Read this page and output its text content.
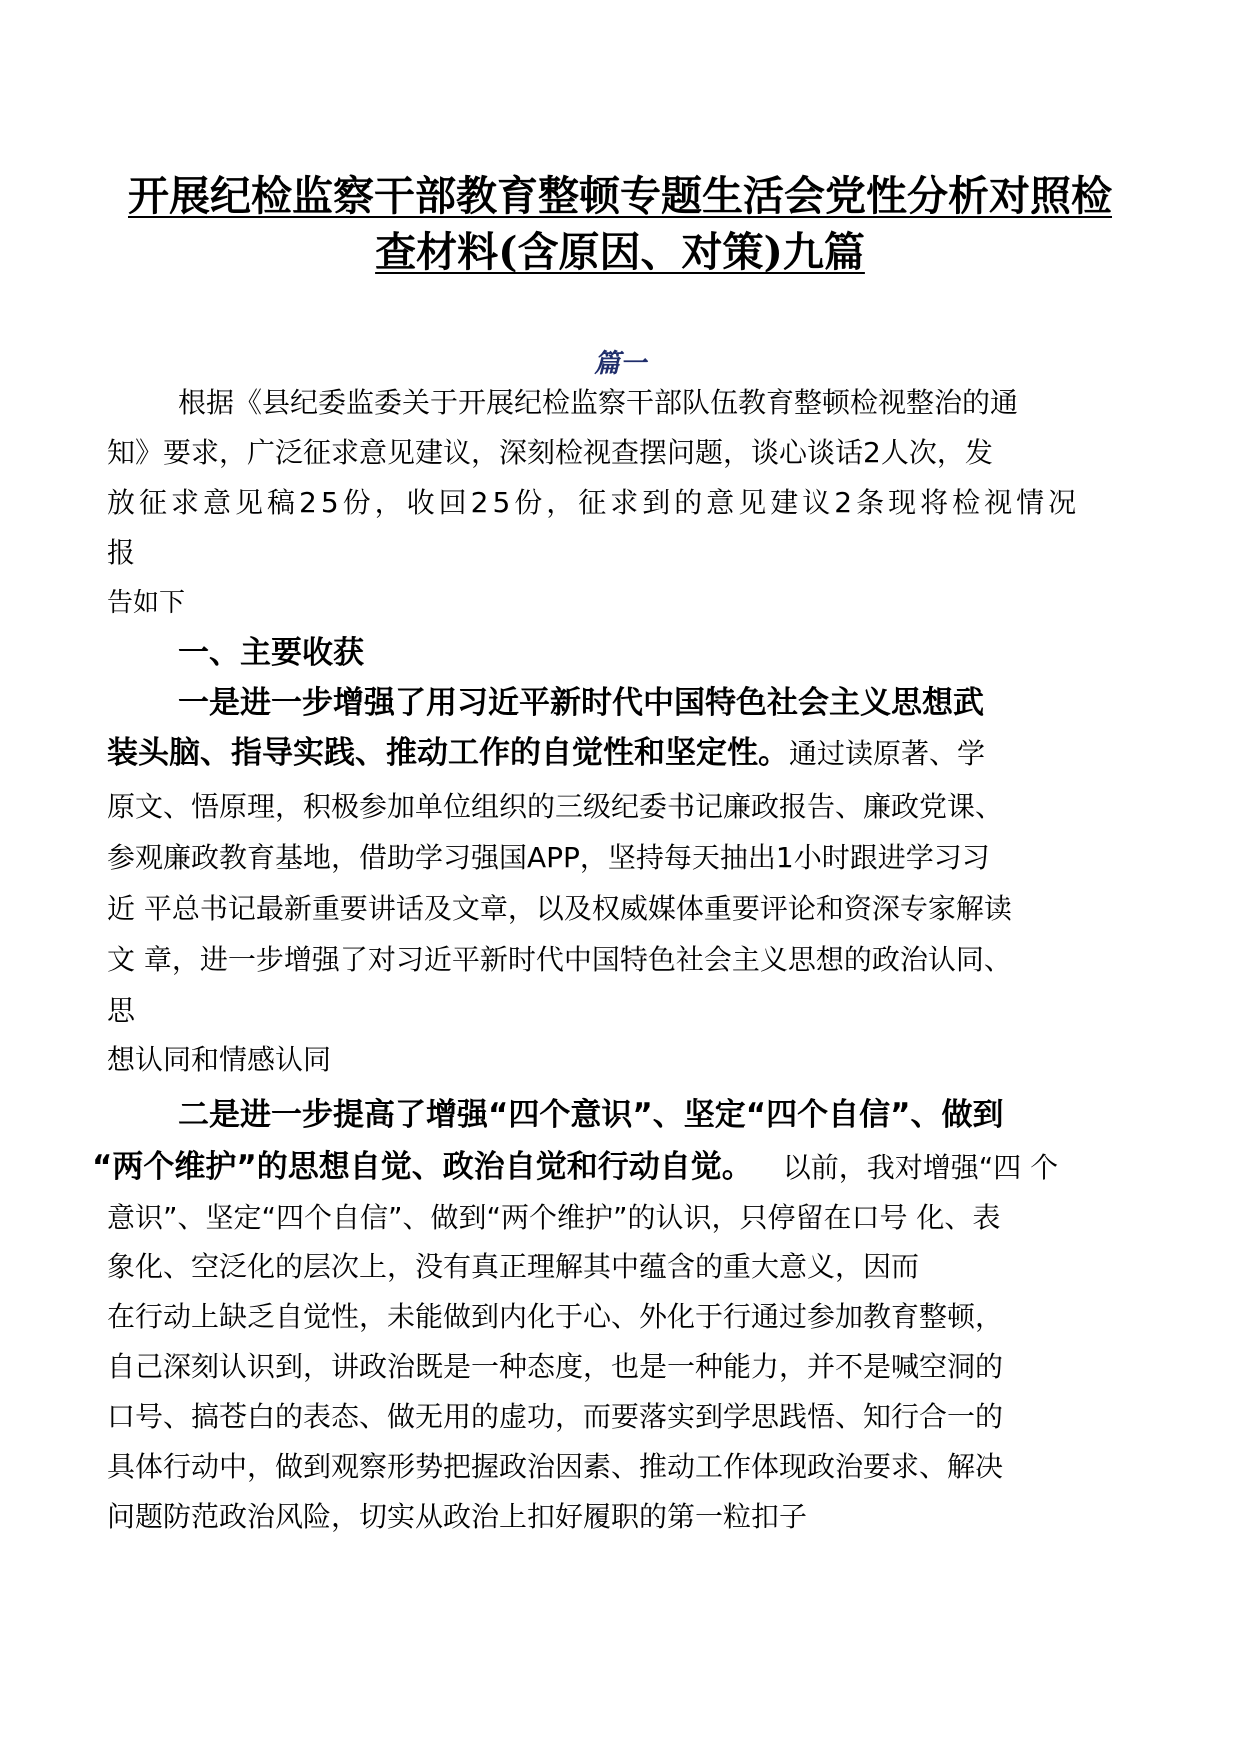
开展纪检监察干部教育整顿专题生活会党性分析对照检
查材料(含原因、对策)九篇
篇一
根据《县纪委监委关于开展纪检监察干部队伍教育整顿检视整治的通
知》要求，广泛征求意见建议，深刻检视查摆问题，谈心谈话2人次，发
放征求意见稿25份，收回25份，征求到的意见建议2条现将检视情况
报
告如下
一、主要收获
一是进一步增强了用习近平新时代中国特色社会主义思想武
装头脑、指导实践、推动工作的自觉性和坚定性。通过读原著、学
原文、悟原理，积极参加单位组织的三级纪委书记廉政报告、廉政党课、
参观廉政教育基地，借助学习强国APP，坚持每天抽出1小时跟进学习习
近 平总书记最新重要讲话及文章，以及权威媒体重要评论和资深专家解读
文 章，进一步增强了对习近平新时代中国特色社会主义思想的政治认同、
思
想认同和情感认同
二是进一步提高了增强“四个意识”、坚定“四个自信”、做到
“两个维护”的思想自觉、政治自觉和行动自觉。 以前，我对增强“四 个
意识”、坚定“四个自信”、做到“两个维护”的认识，只停留在口号 化、表
象化、空泛化的层次上，没有真正理解其中蕴含的重大意义，因而
在行动上缺乏自觉性，未能做到内化于心、外化于行通过参加教育整顿，
自己深刻认识到，讲政治既是一种态度，也是一种能力，并不是喊空洞的
口号、搞苍白的表态、做无用的虚功，而要落实到学思践悟、知行合一的
具体行动中，做到观察形势把握政治因素、推动工作体现政治要求、解决
问题防范政治风险，切实从政治上扣好履职的第一粒扣子
